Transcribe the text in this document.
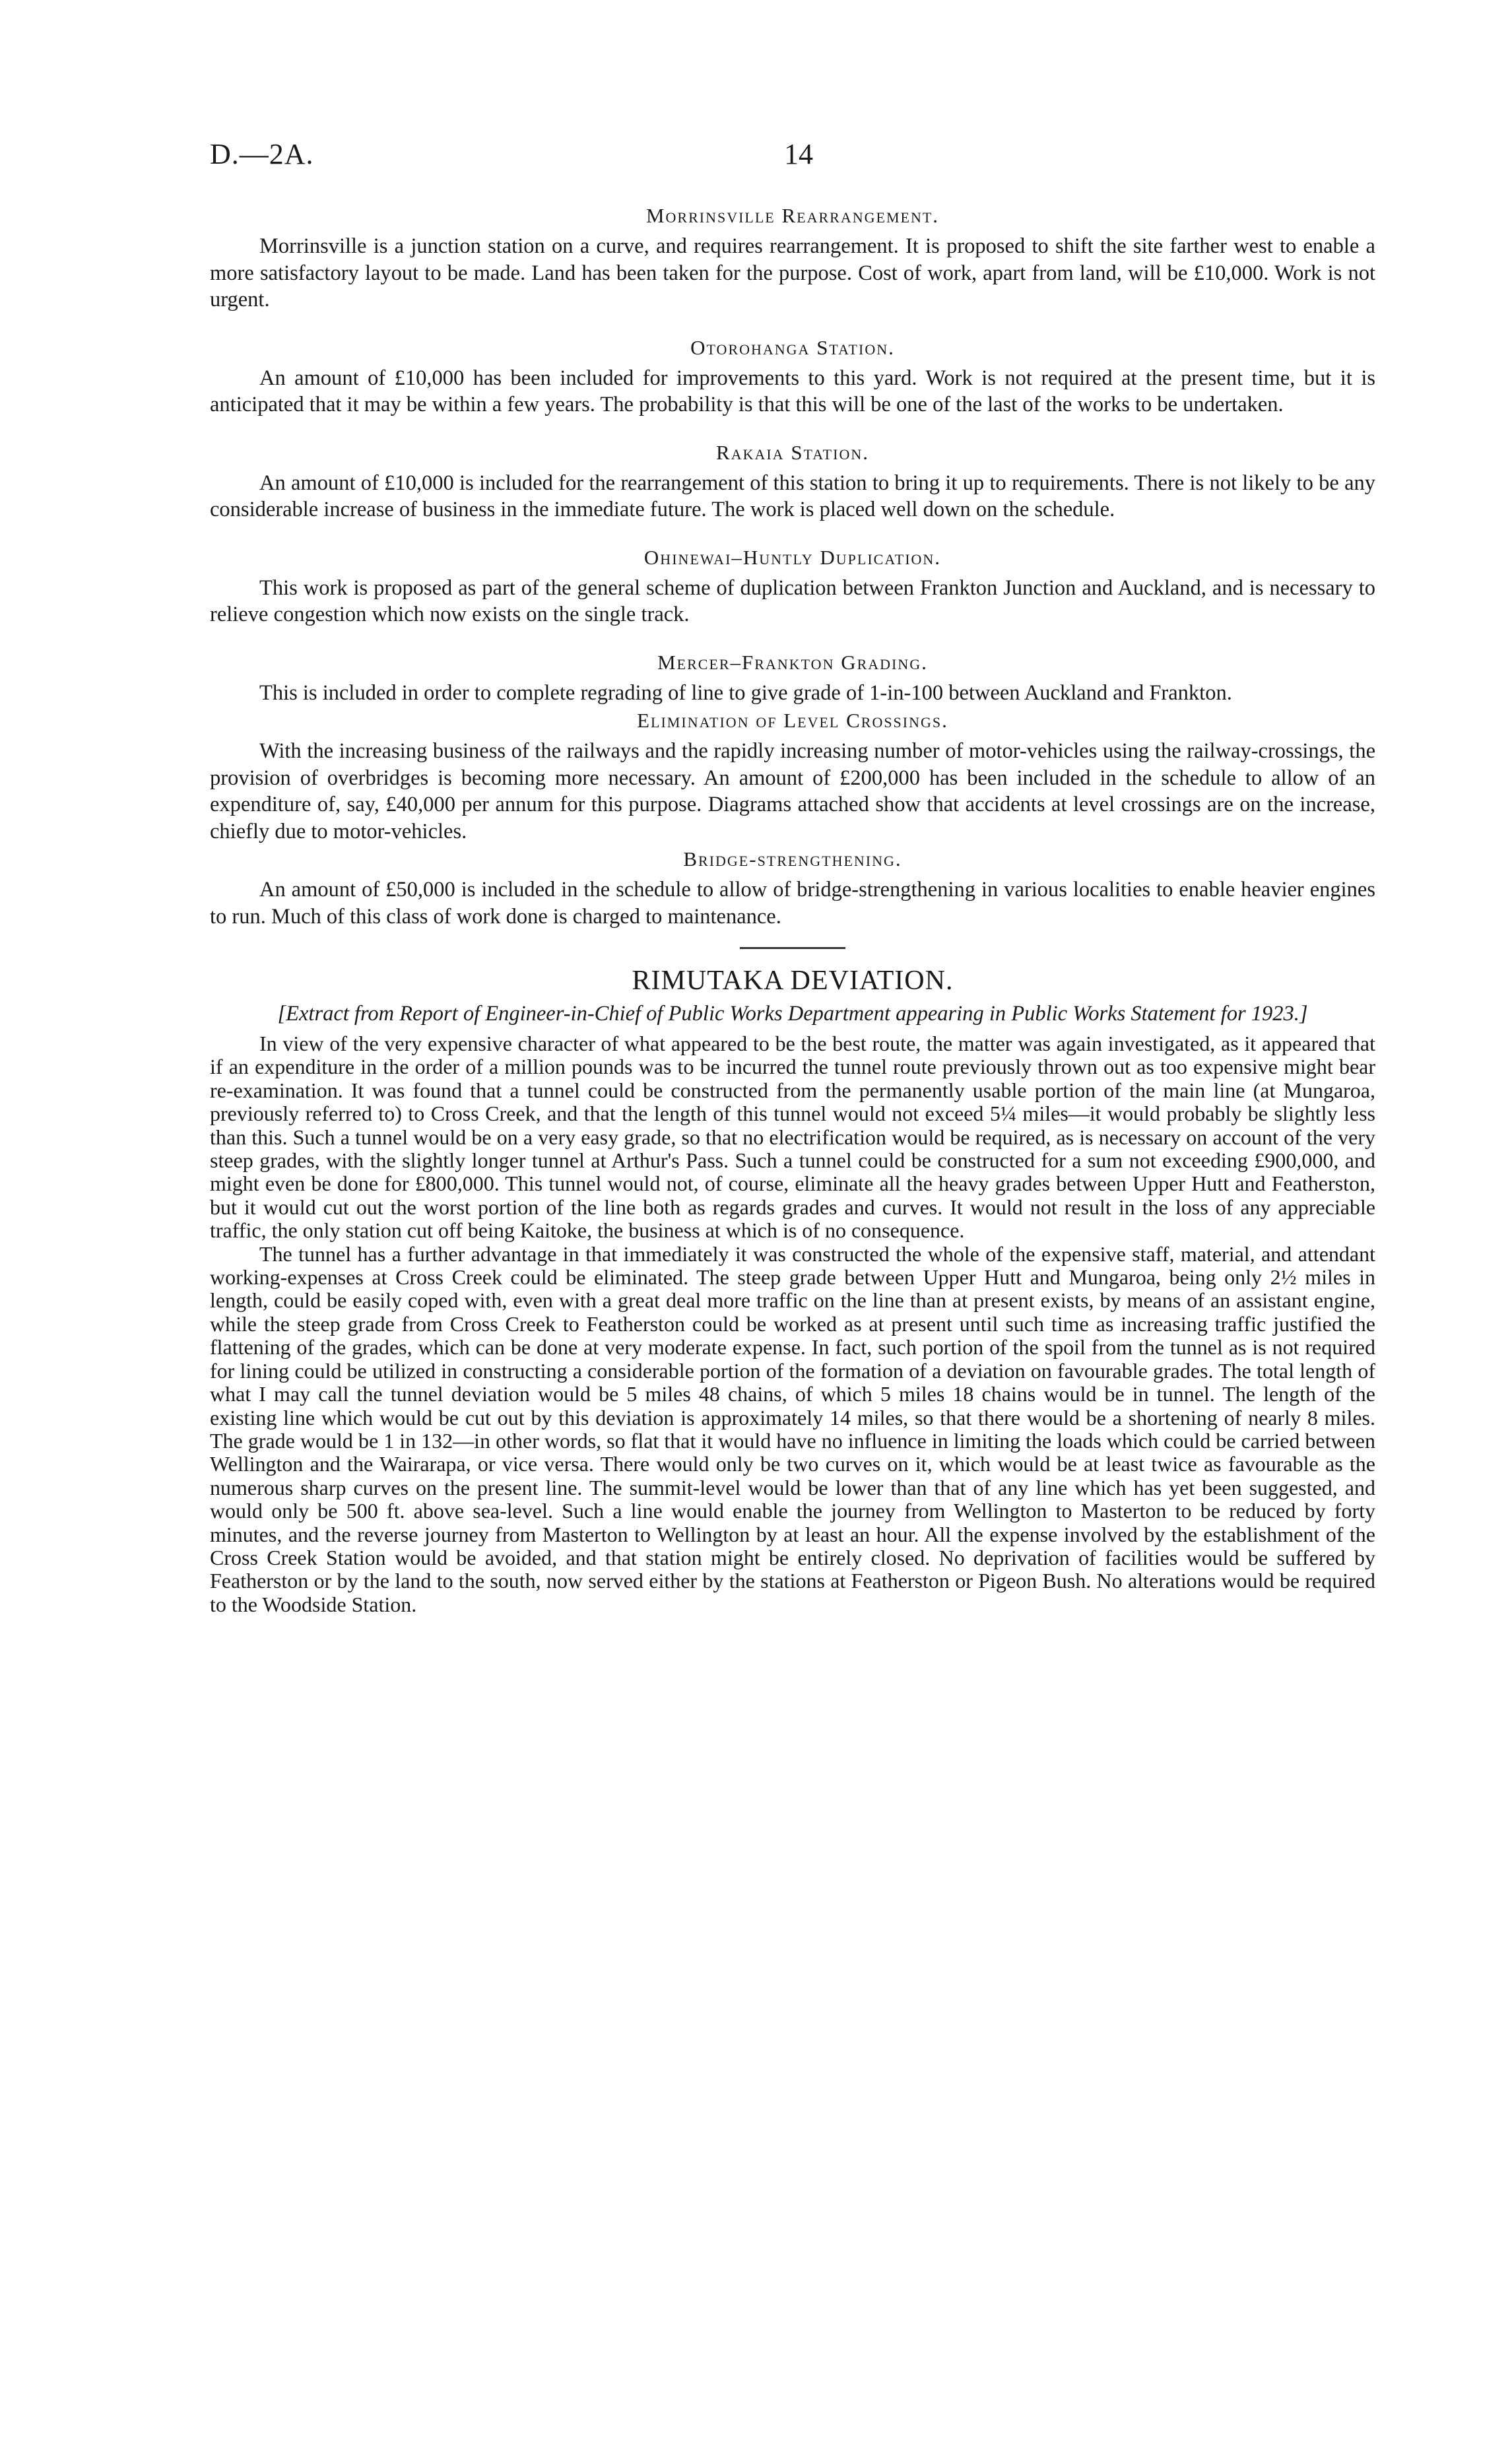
D.—2A.	14
Morrinsville Rearrangement.

Morrinsville is a junction station on a curve, and requires rearrangement. It is proposed to shift the site farther west to enable a more satisfactory layout to be made. Land has been taken for the purpose. Cost of work, apart from land, will be £10,000. Work is not urgent.

Otorohanga Station.

An amount of £10,000 has been included for improvements to this yard. Work is not required at the present time, but it is anticipated that it may be within a few years. The probability is that this will be one of the last of the works to be undertaken.

Rakaia Station.

An amount of £10,000 is included for the rearrangement of this station to bring it up to requirements. There is not likely to be any considerable increase of business in the immediate future. The work is placed well down on the schedule.

Ohinewai–Huntly Duplication.

This work is proposed as part of the general scheme of duplication between Frankton Junction and Auckland, and is necessary to relieve congestion which now exists on the single track.

Mercer–Frankton Grading.

This is included in order to complete regrading of line to give grade of 1-in-100 between Auckland and Frankton.

Elimination of Level Crossings.

With the increasing business of the railways and the rapidly increasing number of motor-vehicles using the railway-crossings, the provision of overbridges is becoming more necessary. An amount of £200,000 has been included in the schedule to allow of an expenditure of, say, £40,000 per annum for this purpose. Diagrams attached show that accidents at level crossings are on the increase, chiefly due to motor-vehicles.

Bridge-strengthening.

An amount of £50,000 is included in the schedule to allow of bridge-strengthening in various localities to enable heavier engines to run. Much of this class of work done is charged to maintenance.

RIMUTAKA DEVIATION.
[Extract from Report of Engineer-in-Chief of Public Works Department appearing in Public Works Statement for 1923.]

In view of the very expensive character of what appeared to be the best route, the matter was again investigated, as it appeared that if an expenditure in the order of a million pounds was to be incurred the tunnel route previously thrown out as too expensive might bear re-examination. It was found that a tunnel could be constructed from the permanently usable portion of the main line (at Mungaroa, previously referred to) to Cross Creek, and that the length of this tunnel would not exceed 5¼ miles—it would probably be slightly less than this. Such a tunnel would be on a very easy grade, so that no electrification would be required, as is necessary on account of the very steep grades, with the slightly longer tunnel at Arthur's Pass. Such a tunnel could be constructed for a sum not exceeding £900,000, and might even be done for £800,000. This tunnel would not, of course, eliminate all the heavy grades between Upper Hutt and Featherston, but it would cut out the worst portion of the line both as regards grades and curves. It would not result in the loss of any appreciable traffic, the only station cut off being Kaitoke, the business at which is of no consequence.

The tunnel has a further advantage in that immediately it was constructed the whole of the expensive staff, material, and attendant working-expenses at Cross Creek could be eliminated. The steep grade between Upper Hutt and Mungaroa, being only 2½ miles in length, could be easily coped with, even with a great deal more traffic on the line than at present exists, by means of an assistant engine, while the steep grade from Cross Creek to Featherston could be worked as at present until such time as increasing traffic justified the flattening of the grades, which can be done at very moderate expense. In fact, such portion of the spoil from the tunnel as is not required for lining could be utilized in constructing a considerable portion of the formation of a deviation on favourable grades. The total length of what I may call the tunnel deviation would be 5 miles 48 chains, of which 5 miles 18 chains would be in tunnel. The length of the existing line which would be cut out by this deviation is approximately 14 miles, so that there would be a shortening of nearly 8 miles. The grade would be 1 in 132—in other words, so flat that it would have no influence in limiting the loads which could be carried between Wellington and the Wairarapa, or vice versa. There would only be two curves on it, which would be at least twice as favourable as the numerous sharp curves on the present line. The summit-level would be lower than that of any line which has yet been suggested, and would only be 500 ft. above sea-level. Such a line would enable the journey from Wellington to Masterton to be reduced by forty minutes, and the reverse journey from Masterton to Wellington by at least an hour. All the expense involved by the establishment of the Cross Creek Station would be avoided, and that station might be entirely closed. No deprivation of facilities would be suffered by Featherston or by the land to the south, now served either by the stations at Featherston or Pigeon Bush. No alterations would be required to the Woodside Station.
